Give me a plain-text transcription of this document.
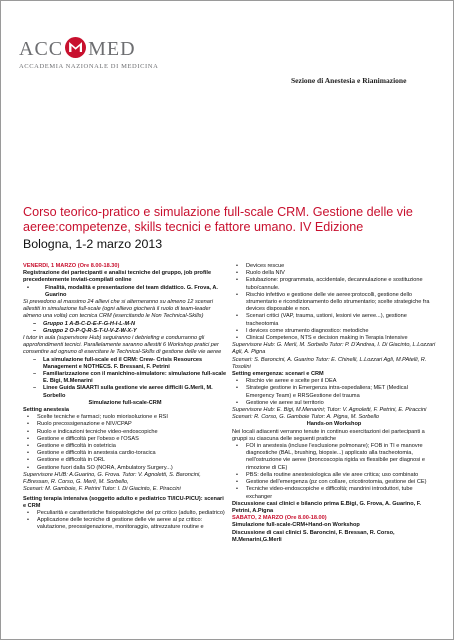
ACC MED
ACCADEMIA NAZIONALE DI MEDICINA
Sezione di Anestesia e Rianimazione
Corso teorico-pratico e simulazione full-scale CRM. Gestione delle vie aeree:competenze, skills tecnici e fattore umano. IV Edizione
Bologna, 1-2 marzo 2013

VENERDI, 1 MARZO (Ore 8.00-18.30)

Registrazione dei partecipanti e analisi tecniche del gruppo, job profile precedentemente inviati-compilati online

• Finalità, modalità e presentazione del team didattico. G. Frova, A. Guarino

Si prevedono al massimo 24 allievi che si alterneranno su almeno 12 scenari allestiti in simulazione full-scale (ogni allievo giocherà il ruolo di team-leader almeno una volta) con tecnica CRM (esercitando le Non Technical-Skills)

– Gruppo 1 A-B-C-D-E-F-G-H-I-L-M-N

– Gruppo 2 O-P-Q-R-S-T-U-V-Z-W-X-Y

I tutor in aula (supervisore Hub) seguiranno i debriefing e condurranno gli approfondimenti tecnici. Parallelamente saranno allestiti 6 Workshop pratici per consentire ad ognuno di esercitare le Technical-Skills di gestione delle vie aeree

– La simulazione full-scale ed il CRM: Crew- Crisis Resources Management e NOTHECS. F. Bressani, F. Petrini

– Familiarizzazione con il manichino-simulatore: simulazione full-scale E. Bigi, M.Menarini

– Linee Guida SIAARTI sulla gestione vie aeree difficili G.Merli, M. Sorbello

Simulazione full-scale-CRM

Setting anestesia

• Scelte tecniche e farmaci; ruolo miorisoluzione e RSI

• Ruolo precossigenazione e NIV/CPAP

• Ruolo e indicazioni tecniche video-endoscopiche

• Gestione e difficoltà per l'obeso e l'OSAS

• Gestione e difficoltà in ostetricia

• Gestione e difficoltà in anestesia cardio-toracica

• Gestione e difficoltà in ORL

• Gestione fuori dalla SO (NORA, Ambulatory Surgery...)

Supervisore HUB: A.Guarino, G. Frova. Tutor: V. Agnoletti, S. Baroncini, F.Bressan, R. Corso, G. Merli, M. Sorbello,

Scenari: M. Gamboie, F. Petrini Tutor: I. Di Giacinto, E. Piraccini

Setting terapia intensiva (soggetto adulto e pediatrico TI/ICU-PICU): scenari e CRM

• Peculiarità e caratteristiche fisiopatologiche del pz critico (adulto, pediatrico)

• Applicazione delle tecniche di gestione delle vie aeree al pz critico: valutazione, preossigenazione, monitoraggio, attrezzature routine e

• Devices rescue

• Ruolo della NIV

• Estubazione: programmata, accidentale, decannulazione e sostituzione tubo/cannule.

• Rischio infettivo e gestione delle vie aeree:protocolli, gestione dello strumentario e ricondizionamento dello strumentario; scelte strategiche fra devices disposable e non.

• Scenari critici (VAP, trauma, ustioni, lesioni vie aeree...), gestione tracheotomia

• I devices come strumento diagnostico: metodiche

• Clinical Competence, NTS e decision making in Terapia Intensive

Supervisore Hub: G. Merli, M. Sorbello Tutor: P. D'Andrea, I. Di Giacinto, L.Lozzari Agli, A. Pigna

Scenari: S. Baroncini, A. Guarino Tutor: E. Chinelli, L.Lozzari Agli, M.PAtelli, R. Tosolini

Setting emergenza: scenari e CRM

• Rischio vie aeree e scelte per il DEA

• Strategie gestione in Emergenza intra-ospedaliera; MET (Medical Emergency Team) e RRSGestione del trauma

• Gestione vie aeree sul territorio

Supervisore Hub: E. Bigi, M.Menarini; Tutor: V. Agnoletti, F. Petrini, E. Piraccini

Scenari: R. Corso, G. Gamboie Tutor: A. Pigna, M. Sorbello

Hands-on Workshop

Nei locali adiacenti verranno tenute in continuo esercitazioni dei partecipanti a gruppi su ciascuna delle seguenti pratiche

• FOI in anestesia (incluse l'esclusione polmonare); FOB in TI e manovre diagnostiche (BAL, brushing, biopsie...) applicato alla tracheotomia, nell'ostruzione vie aeree (broncoscopia rigida vs flessibile per diagnosi e rimozione di CE)

• PBS: della routine anestesiologica alle vie aree critica; uso combinato

• Gestione dell'emergenza (pz con collare, cricotirotomia, gestione dei CE)

• Tecniche video-endoscopiche e difficoltà; mandrini introduttori, tube exchanger

Discussione casi clinici e bilancio prima E.Bigi, G. Frova, A. Guarino, F. Petrini, A.Pigna

SABATO, 2 MARZO (Ore 8.00-18.00)

Simulazione full-scale-CRM+Hand-on Workshop

Discussione di casi clinici S. Baroncini, F. Bressan, R. Corso, M.Menarini,G.Merli
